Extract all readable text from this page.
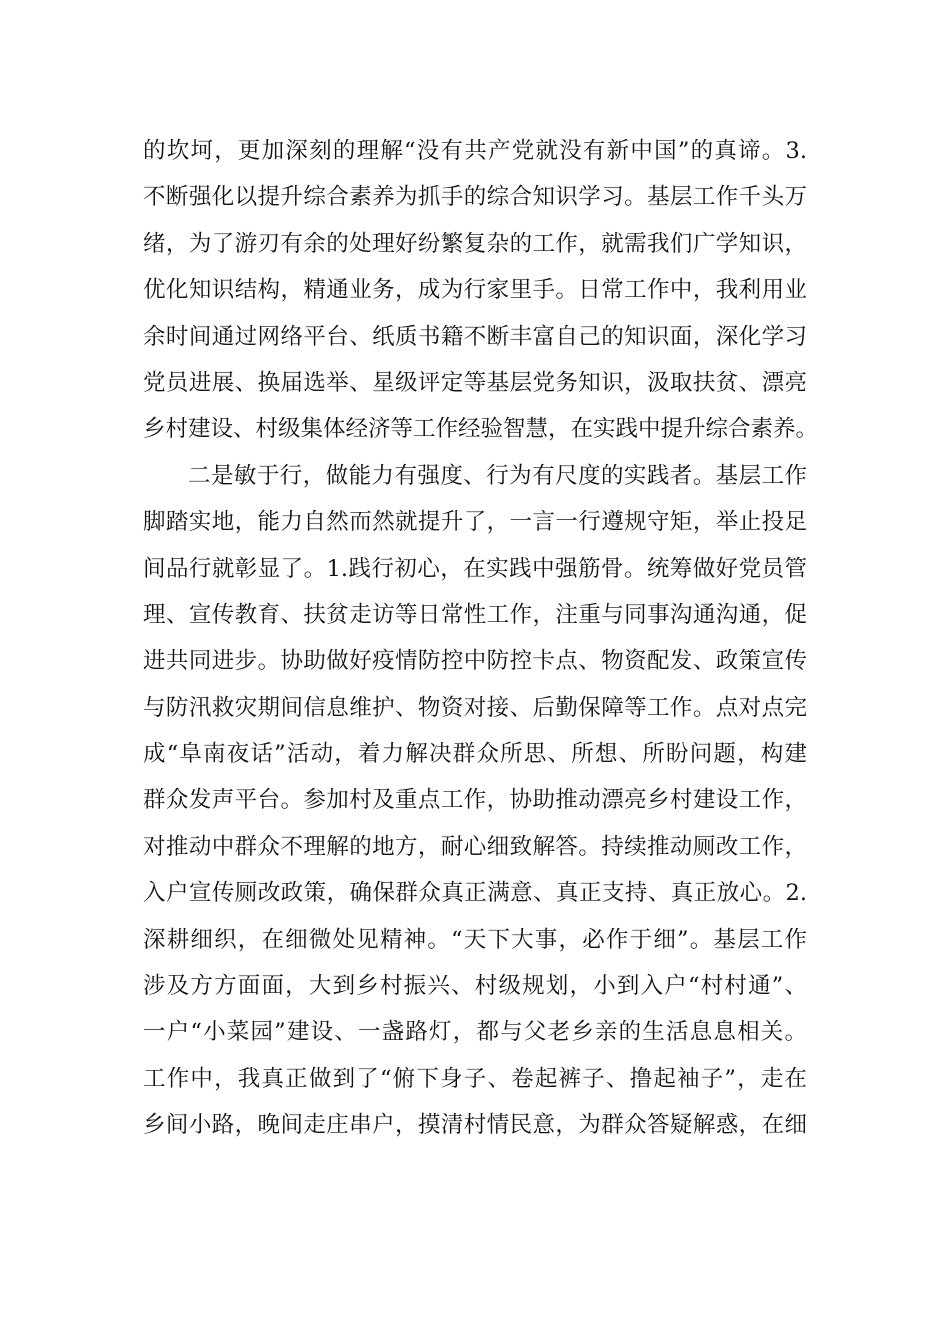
的坎坷，更加深刻的理解“没有共产党就没有新中国”的真谛。3.
不断强化以提升综合素养为抓手的综合知识学习。基层工作千头万
绪，为了游刃有余的处理好纷繁复杂的工作，就需我们广学知识，
优化知识结构，精通业务，成为行家里手。日常工作中，我利用业
余时间通过网络平台、纸质书籍不断丰富自己的知识面，深化学习
党员进展、换届选举、星级评定等基层党务知识，汲取扶贫、漂亮
乡村建设、村级集体经济等工作经验智慧，在实践中提升综合素养。
二是敏于行，做能力有强度、行为有尺度的实践者。基层工作
脚踏实地，能力自然而然就提升了，一言一行遵规守矩，举止投足
间品行就彰显了。1.践行初心，在实践中强筋骨。统筹做好党员管
理、宣传教育、扶贫走访等日常性工作，注重与同事沟通沟通，促
进共同进步。协助做好疫情防控中防控卡点、物资配发、政策宣传
与防汛救灾期间信息维护、物资对接、后勤保障等工作。点对点完
成“阜南夜话”活动，着力解决群众所思、所想、所盼问题，构建
群众发声平台。参加村及重点工作，协助推动漂亮乡村建设工作，
对推动中群众不理解的地方，耐心细致解答。持续推动厕改工作，
入户宣传厕改政策，确保群众真正满意、真正支持、真正放心。2.
深耕细织，在细微处见精神。“天下大事，必作于细”。基层工作
涉及方方面面，大到乡村振兴、村级规划，小到入户“村村通”、
一户“小菜园”建设、一盏路灯，都与父老乡亲的生活息息相关。
工作中，我真正做到了“俯下身子、卷起裤子、撸起袖子”，走在
乡间小路，晚间走庄串户，摸清村情民意，为群众答疑解惑，在细
